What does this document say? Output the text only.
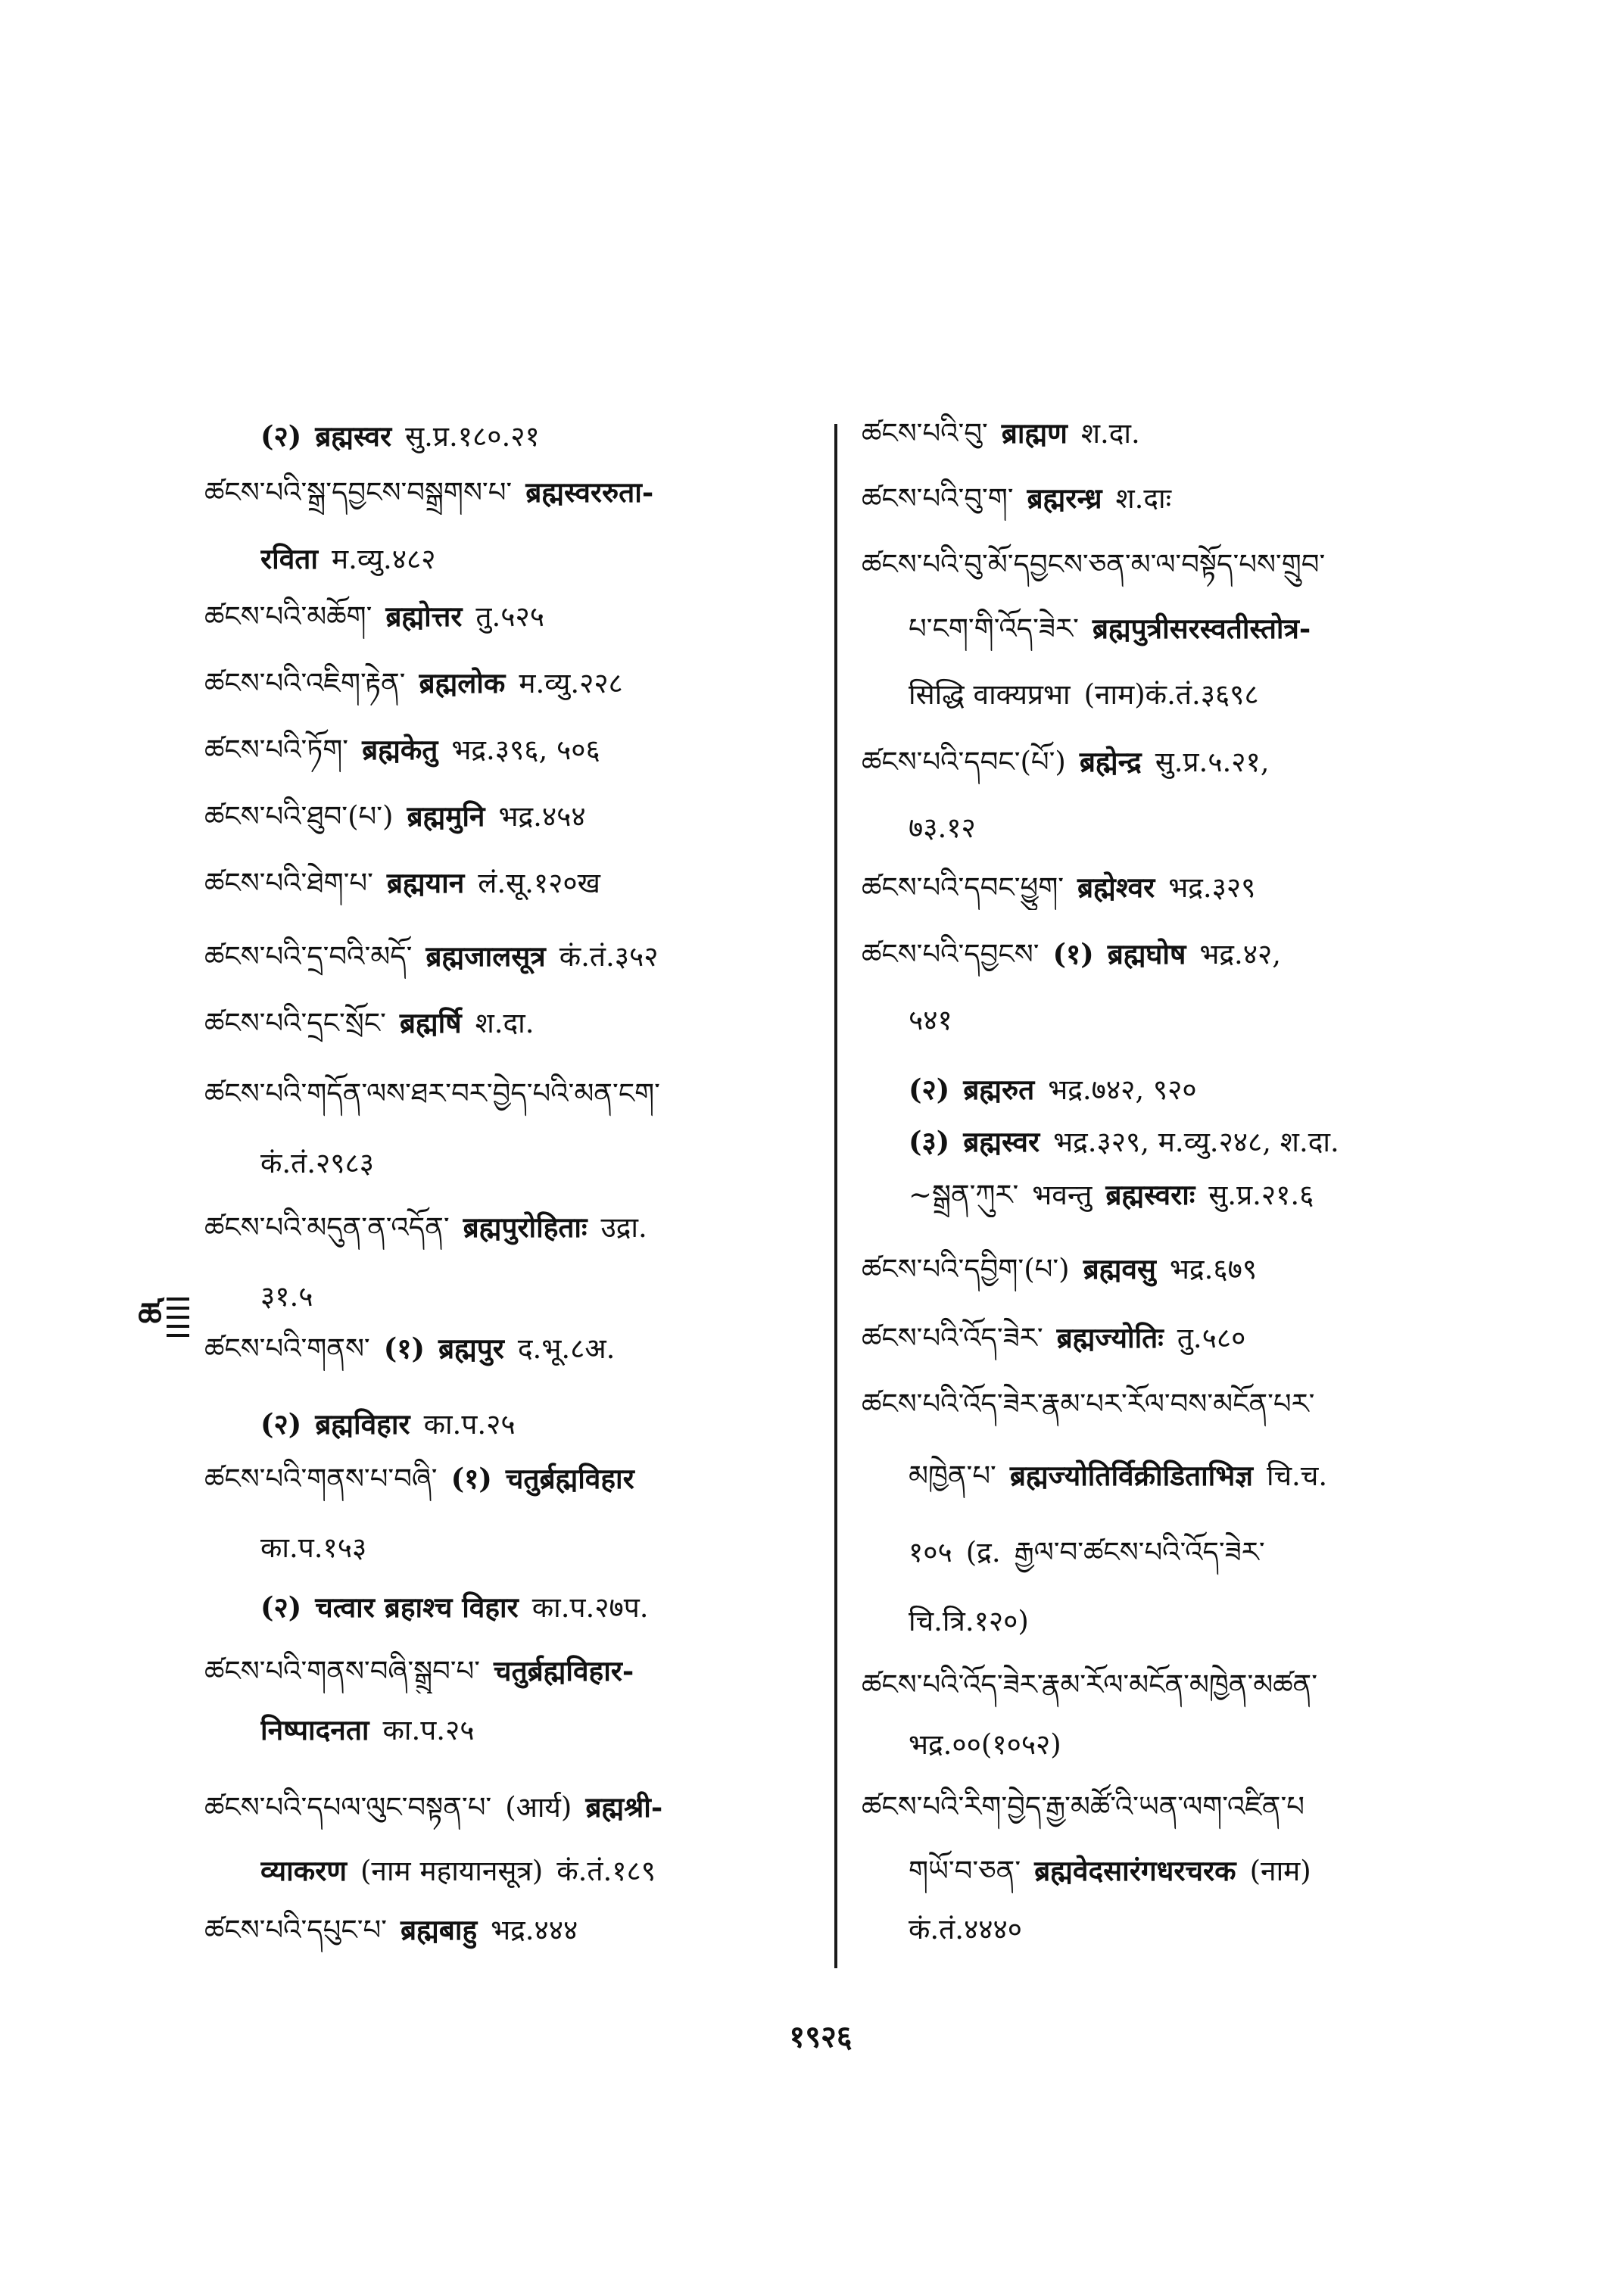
(२) ब्रह्मस्वर सु.प्र.१८०.२१
ཚངས་པའི་སྒྲ་དབྱངས་བསྒྲགས་པ་ ब्रह्मस्वररुता-
रविता म.व्यु.४८२
ཚངས་པའི་མཆོག་ ब्रह्मोत्तर तु.५२५
ཚངས་པའི་འཇིག་རྟེན་ ब्रह्मलोक म.व्यु.२२८
ཚངས་པའི་ཏོག་ ब्रह्मकेतु भद्र.३९६, ५०६
ཚངས་པའི་ཐུབ་(པ་) ब्रह्ममुनि भद्र.४५४
ཚངས་པའི་ཐེག་པ་ ब्रह्मयान लं.सू.१२०ख
ཚངས་པའི་དྲ་བའི་མདོ་ ब्रह्मजालसूत्र कं.तं.३५२
ཚངས་པའི་དྲང་སྲོང་ ब्रह्मर्षि श.दा.
ཚངས་པའི་གདོན་ལས་ཐར་བར་བྱེད་པའི་མན་ངག་
कं.तं.२९८३
ཚངས་པའི་མདུན་ན་འདོན་ ब्रह्मपुरोहिताः उद्रा.
३१.५
ཚངས་པའི་གནས་ (१) ब्रह्मपुर द.भू.८अ.
(२) ब्रह्मविहार का.प.२५
ཚངས་པའི་གནས་པ་བཞི་ (१) चतुर्ब्रह्मविहार
का.प.१५३
(२) चत्वार ब्रहाश्च विहार का.प.२७प.
ཚངས་པའི་གནས་བཞི་སྒྲུབ་པ་ चतुर्ब्रह्मविहार-
निष्पादनता का.प.२५
ཚངས་པའི་དཔལ་ལུང་བསྟན་པ་ (आर्य) ब्रह्मश्री-
व्याकरण (नाम महायानसूत्र) कं.तं.१८९
ཚངས་པའི་དཔུང་པ་ ब्रह्मबाहु भद्र.४४४
ཚངས་པའི་བུ་ ब्राह्मण श.दा.
ཚངས་པའི་བུ་ག་ ब्रह्मरन्ध्र श.दाः
ཚངས་པའི་བུ་མོ་དབྱངས་ཅན་མ་ལ་བསྟོད་པས་གྲུབ་
པ་ངག་གི་འོད་ཟེར་ ब्रह्मपुत्रीसरस्वतीस्तोत्र-
सिद्धि वाक्यप्रभा (नाम)कं.तं.३६९८
ཚངས་པའི་དབང་(པོ་) ब्रह्मेन्द्र सु.प्र.५.२१,
७३.१२
ཚངས་པའི་དབང་ཕྱུག་ ब्रह्मेश्वर भद्र.३२९
ཚངས་པའི་དབྱངས་ (१) ब्रह्मघोष भद्र.४२,
५४१
(२) ब्रह्मरुत भद्र.७४२, ९२०
(३) ब्रह्मस्वर भद्र.३२९, म.व्यु.२४८, श.दा.
~སྒྲན་ཀུར་ भवन्तु ब्रह्मस्वराः सु.प्र.२१.६
ཚངས་པའི་དབྱིག་(པ་) ब्रह्मवसु भद्र.६७९
ཚངས་པའི་འོད་ཟེར་ ब्रह्मज्योतिः तु.५८०
ཚངས་པའི་འོད་ཟེར་རྣམ་པར་རོལ་བས་མངོན་པར་
མཁྱེན་པ་ ब्रह्मज्योतिर्विक्रीडिताभिज्ञ चि.च.
१०५ (द्र. རྒྱལ་བ་ཚངས་པའི་འོད་ཟེར་
चि.त्रि.१२०)
ཚངས་པའི་འོད་ཟེར་རྣམ་རོལ་མངོན་མཁྱེན་མཚན་
भद्र.००(१०५२)
ཚངས་པའི་རིག་བྱེད་རྒྱ་མཚོ་འི་ཡན་ལག་འཛིན་པ
གཡོ་བ་ཅན་ ब्रह्मवेदसारंगधरचरक (नाम)
कं.तं.४४४०
ཚ
१९२६
